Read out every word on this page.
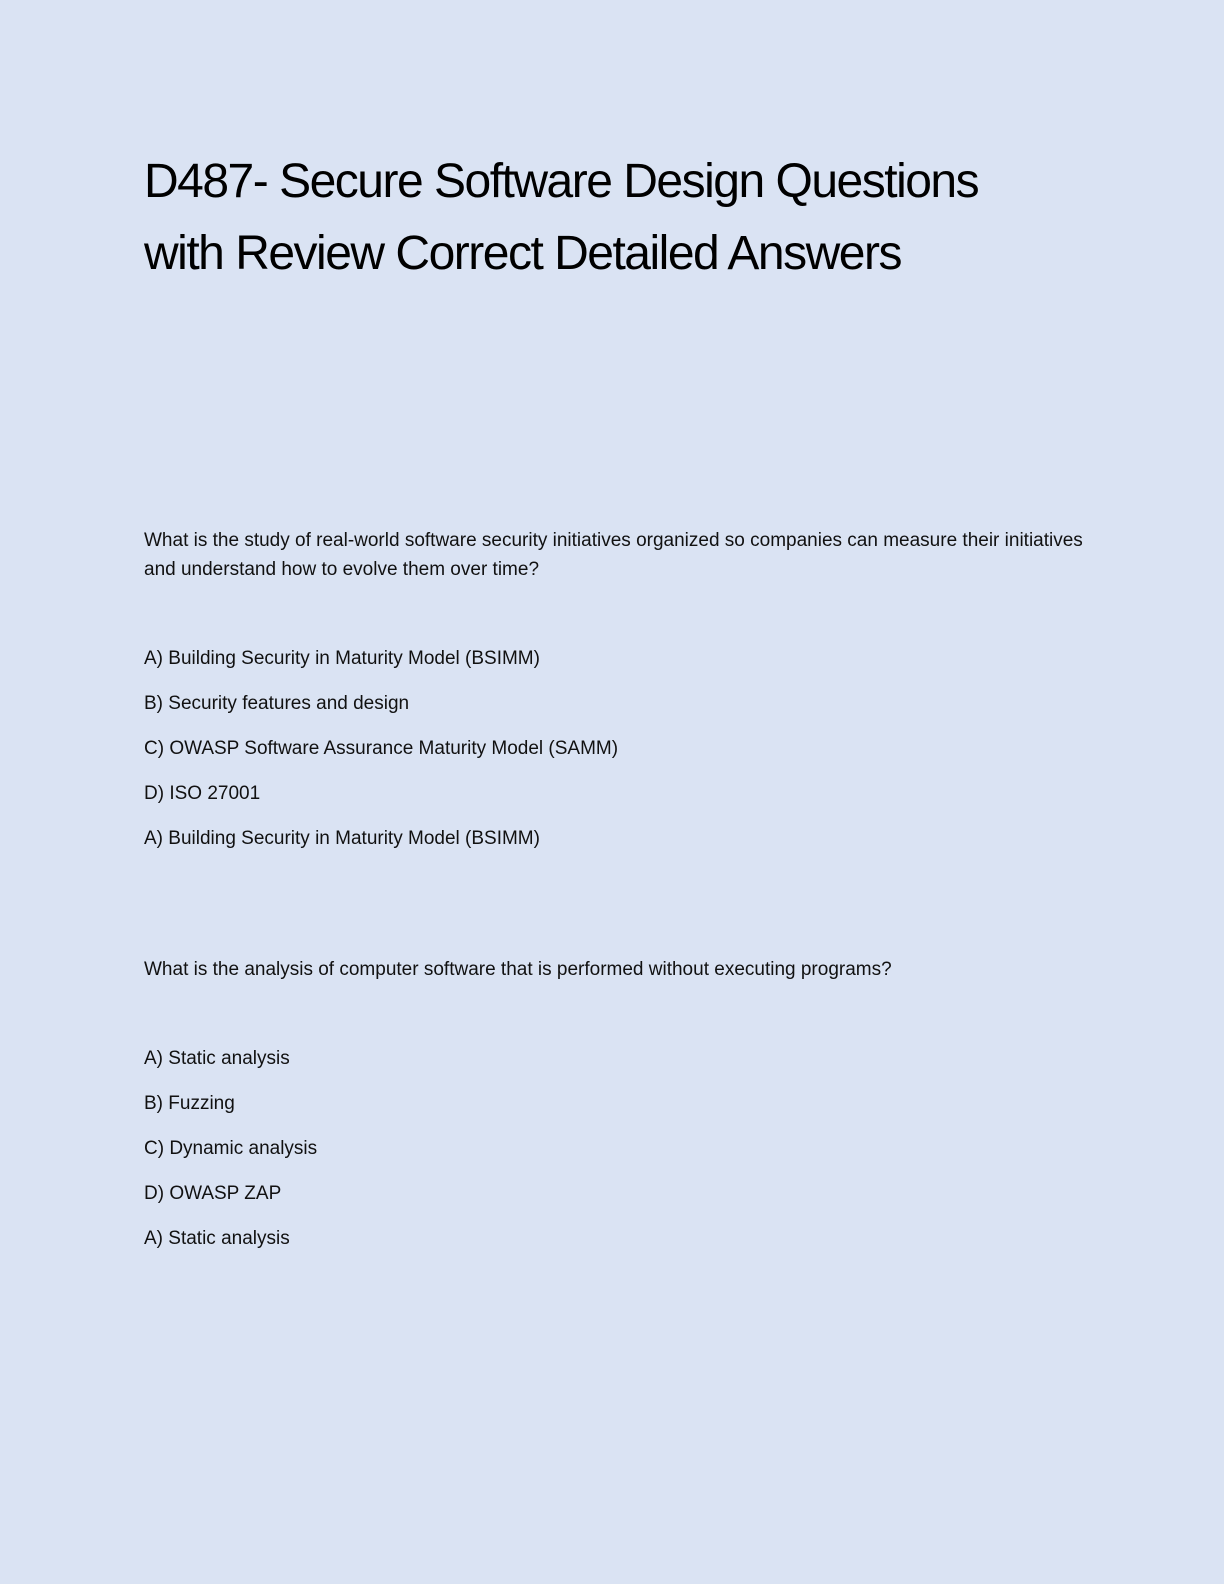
D487- Secure Software Design Questions
with Review Correct Detailed Answers

What is the study of real-world software security initiatives organized so companies can measure their initiatives and understand how to evolve them over time?

A) Building Security in Maturity Model (BSIMM)
B) Security features and design
C) OWASP Software Assurance Maturity Model (SAMM)
D) ISO 27001

A) Building Security in Maturity Model (BSIMM)

What is the analysis of computer software that is performed without executing programs?

A) Static analysis
B) Fuzzing
C) Dynamic analysis
D) OWASP ZAP

A) Static analysis
